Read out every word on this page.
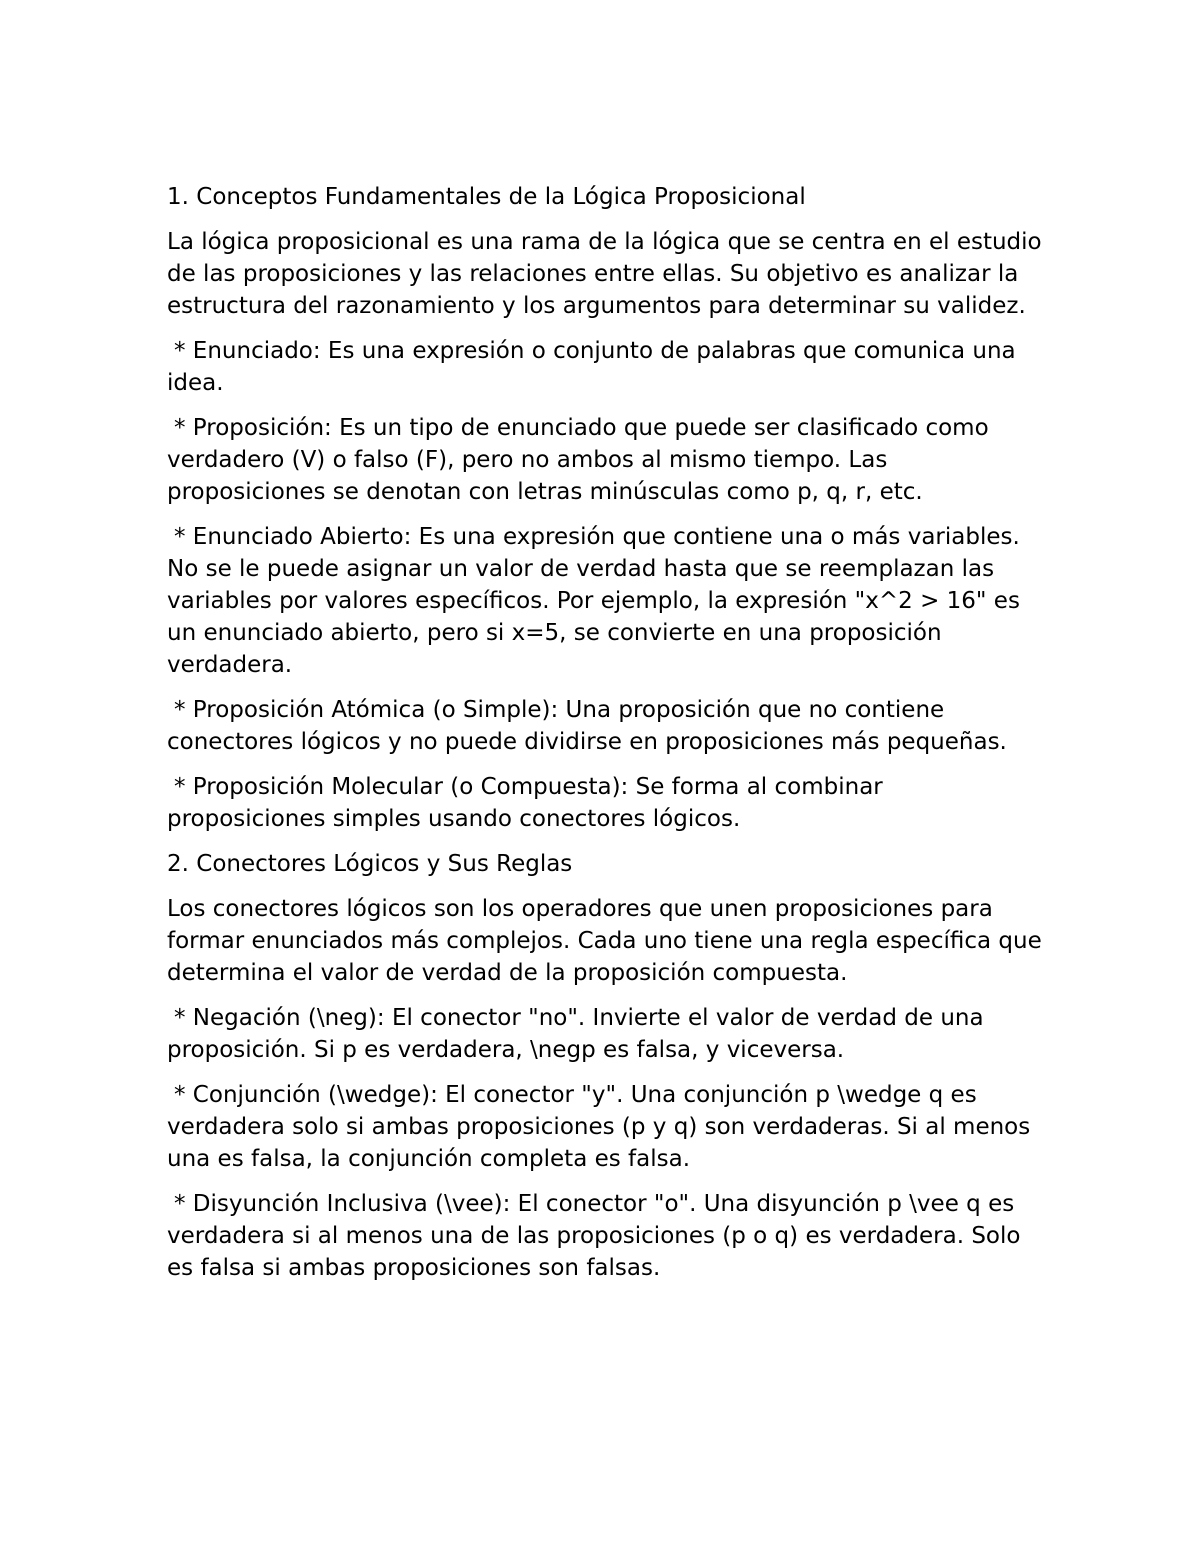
1. Conceptos Fundamentales de la Lógica Proposicional

La lógica proposicional es una rama de la lógica que se centra en el estudio de las proposiciones y las relaciones entre ellas. Su objetivo es analizar la estructura del razonamiento y los argumentos para determinar su validez.

* Enunciado: Es una expresión o conjunto de palabras que comunica una idea.

* Proposición: Es un tipo de enunciado que puede ser clasificado como verdadero (V) o falso (F), pero no ambos al mismo tiempo. Las proposiciones se denotan con letras minúsculas como p, q, r, etc.

* Enunciado Abierto: Es una expresión que contiene una o más variables. No se le puede asignar un valor de verdad hasta que se reemplazan las variables por valores específicos. Por ejemplo, la expresión "x^2 > 16" es un enunciado abierto, pero si x=5, se convierte en una proposición verdadera.

* Proposición Atómica (o Simple): Una proposición que no contiene conectores lógicos y no puede dividirse en proposiciones más pequeñas.

* Proposición Molecular (o Compuesta): Se forma al combinar proposiciones simples usando conectores lógicos.

2. Conectores Lógicos y Sus Reglas

Los conectores lógicos son los operadores que unen proposiciones para formar enunciados más complejos. Cada uno tiene una regla específica que determina el valor de verdad de la proposición compuesta.

* Negación (\neg): El conector "no". Invierte el valor de verdad de una proposición. Si p es verdadera, \negp es falsa, y viceversa.

* Conjunción (\wedge): El conector "y". Una conjunción p \wedge q es verdadera solo si ambas proposiciones (p y q) son verdaderas. Si al menos una es falsa, la conjunción completa es falsa.

* Disyunción Inclusiva (\vee): El conector "o". Una disyunción p \vee q es verdadera si al menos una de las proposiciones (p o q) es verdadera. Solo es falsa si ambas proposiciones son falsas.
